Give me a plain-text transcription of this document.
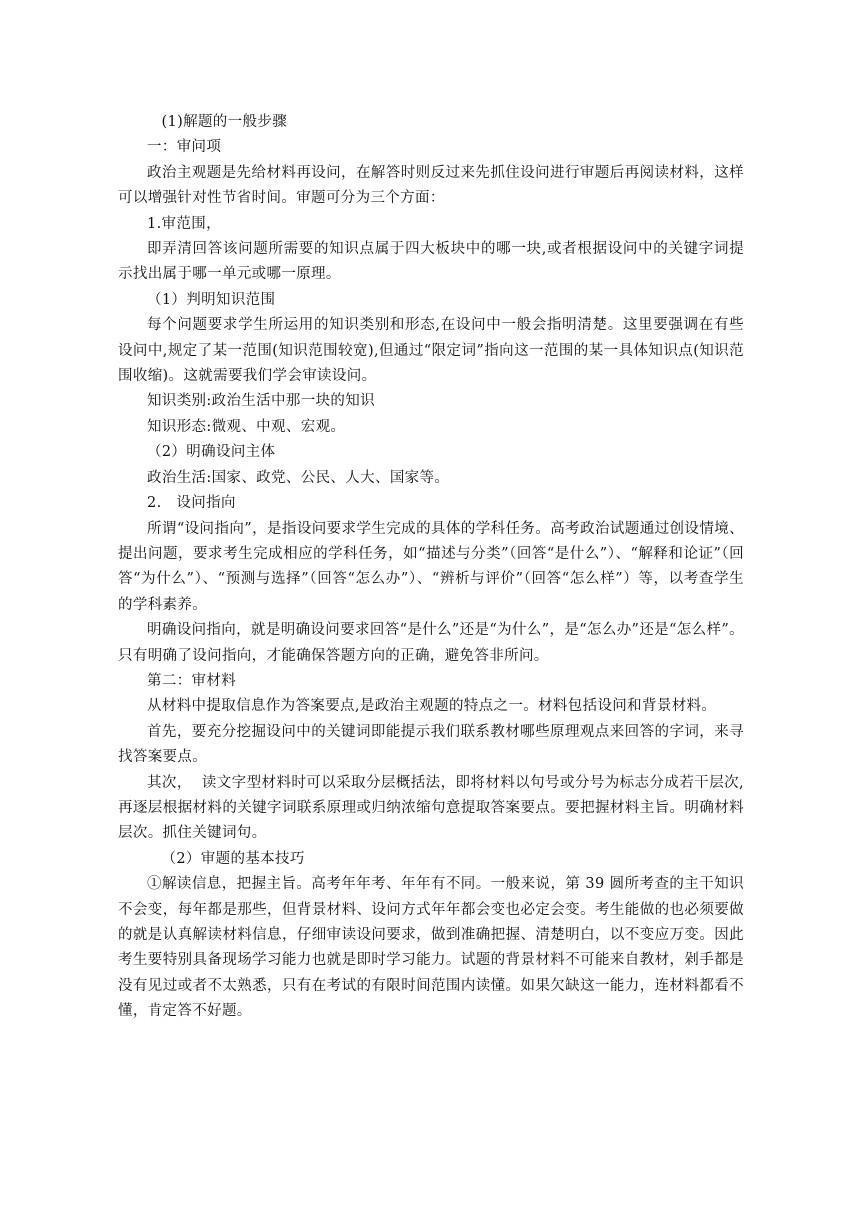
(1)解题的一般步骤

一：审问项

政治主观题是先给材料再设问，在解答时则反过来先抓住设问进行审题后再阅读材料，这样可以增强针对性节省时间。审题可分为三个方面：

1.审范围，

即弄清回答该问题所需要的知识点属于四大板块中的哪一块,或者根据设问中的关键字词提示找出属于哪一单元或哪一原理。

（1）判明知识范围

每个问题要求学生所运用的知识类别和形态,在设问中一般会指明清楚。这里要强调在有些设问中,规定了某一范围(知识范围较宽),但通过“限定词”指向这一范围的某一具体知识点(知识范围收缩)。这就需要我们学会审读设问。

知识类别:政治生活中那一块的知识

知识形态:微观、中观、宏观。

（2）明确设问主体

政治生活:国家、政党、公民、人大、国家等。

2.   设问指向

所谓“设问指向”，是指设问要求学生完成的具体的学科任务。高考政治试题通过创设情境、提出问题，要求考生完成相应的学科任务，如“描述与分类”（回答“是什么”）、“解释和论证”（回答“为什么”）、“预测与选择”（回答“怎么办”）、“辨析与评价”（回答“怎么样”）等，以考查学生的学科素养。

明确设问指向，就是明确设问要求回答“是什么”还是“为什么”，是“怎么办”还是“怎么样”。只有明确了设问指向，才能确保答题方向的正确，避免答非所问。

第二：审材料

从材料中提取信息作为答案要点,是政治主观题的特点之一。材料包括设问和背景材料。

首先，要充分挖掘设问中的关键词即能提示我们联系教材哪些原理观点来回答的字词，来寻找答案要点。

其次，  读文字型材料时可以采取分层概括法，即将材料以句号或分号为标志分成若干层次,再逐层根据材料的关键字词联系原理或归纳浓缩句意提取答案要点。要把握材料主旨。明确材料层次。抓住关键词句。

（2）审题的基本技巧

①解读信息，把握主旨。高考年年考、年年有不同。一般来说，第 39 圆所考查的主干知识不会变，每年都是那些，但背景材料、设问方式年年都会变也必定会变。考生能做的也必须要做的就是认真解读材料信息，仔细审读设问要求，做到准确把握、清楚明白，以不变应万变。因此考生要特别具备现场学习能力也就是即时学习能力。试题的背景材料不可能来自教材，剁手都是没有见过或者不太熟悉，只有在考试的有限时间范围内读懂。如果欠缺这一能力，连材料都看不懂，肯定答不好题。
